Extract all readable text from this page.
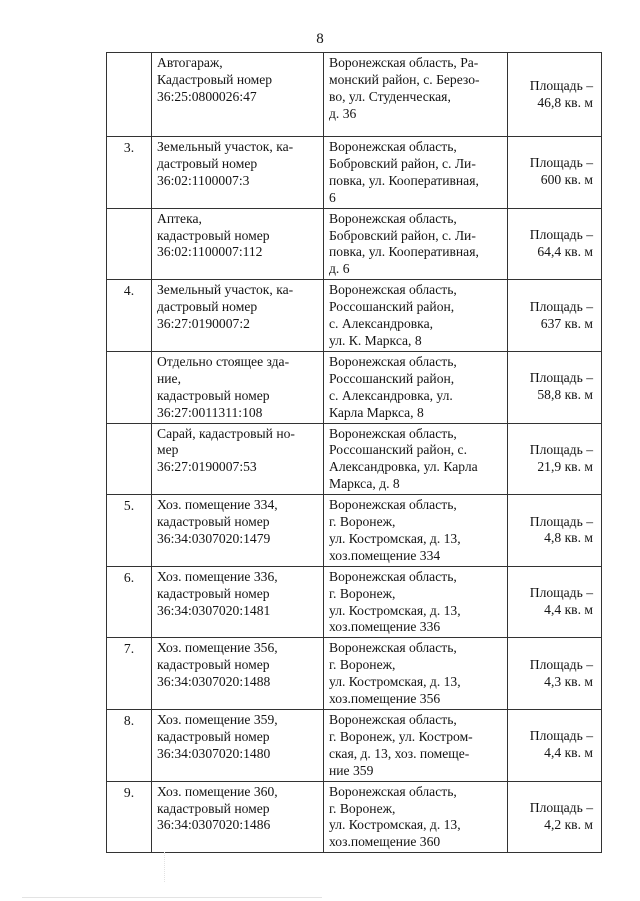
8

	Автогараж,
Кадастровый номер
36:25:0800026:47	Воронежская область, Ра-
монский район, с. Березо-
во, ул. Студенческая,
д. 36	Площадь –
46,8 кв. м

3.	Земельный участок, ка-
дастровый номер
36:02:1100007:3	Воронежская область,
Бобровский район, с. Ли-
повка, ул. Кооперативная,
6	Площадь –
600 кв. м

	Аптека,
кадастровый номер
36:02:1100007:112	Воронежская область,
Бобровский район, с. Ли-
повка, ул. Кооперативная,
д. 6	Площадь –
64,4 кв. м

4.	Земельный участок, ка-
дастровый номер
36:27:0190007:2	Воронежская область,
Россошанский район,
с. Александровка,
ул. К. Маркса, 8	Площадь –
637 кв. м

	Отдельно стоящее зда-
ние,
кадастровый номер
36:27:0011311:108	Воронежская область,
Россошанский район,
с. Александровка, ул.
Карла Маркса, 8	Площадь –
58,8 кв. м

	Сарай, кадастровый но-
мер
36:27:0190007:53	Воронежская область,
Россошанский район, с.
Александровка, ул. Карла
Маркса, д. 8	Площадь –
21,9 кв. м

5.	Хоз. помещение 334,
кадастровый номер
36:34:0307020:1479	Воронежская область,
г. Воронеж,
ул. Костромская, д. 13,
хоз.помещение 334	Площадь –
4,8 кв. м

6.	Хоз. помещение 336,
кадастровый номер
36:34:0307020:1481	Воронежская область,
г. Воронеж,
ул. Костромская, д. 13,
хоз.помещение 336	Площадь –
4,4 кв. м

7.	Хоз. помещение 356,
кадастровый номер
36:34:0307020:1488	Воронежская область,
г. Воронеж,
ул. Костромская, д. 13,
хоз.помещение 356	Площадь –
4,3 кв. м

8.	Хоз. помещение 359,
кадастровый номер
36:34:0307020:1480	Воронежская область,
г. Воронеж, ул. Костром-
ская, д. 13, хоз. помеще-
ние 359	Площадь –
4,4 кв. м

9.	Хоз. помещение 360,
кадастровый номер
36:34:0307020:1486	Воронежская область,
г. Воронеж,
ул. Костромская, д. 13,
хоз.помещение 360	Площадь –
4,2 кв. м
